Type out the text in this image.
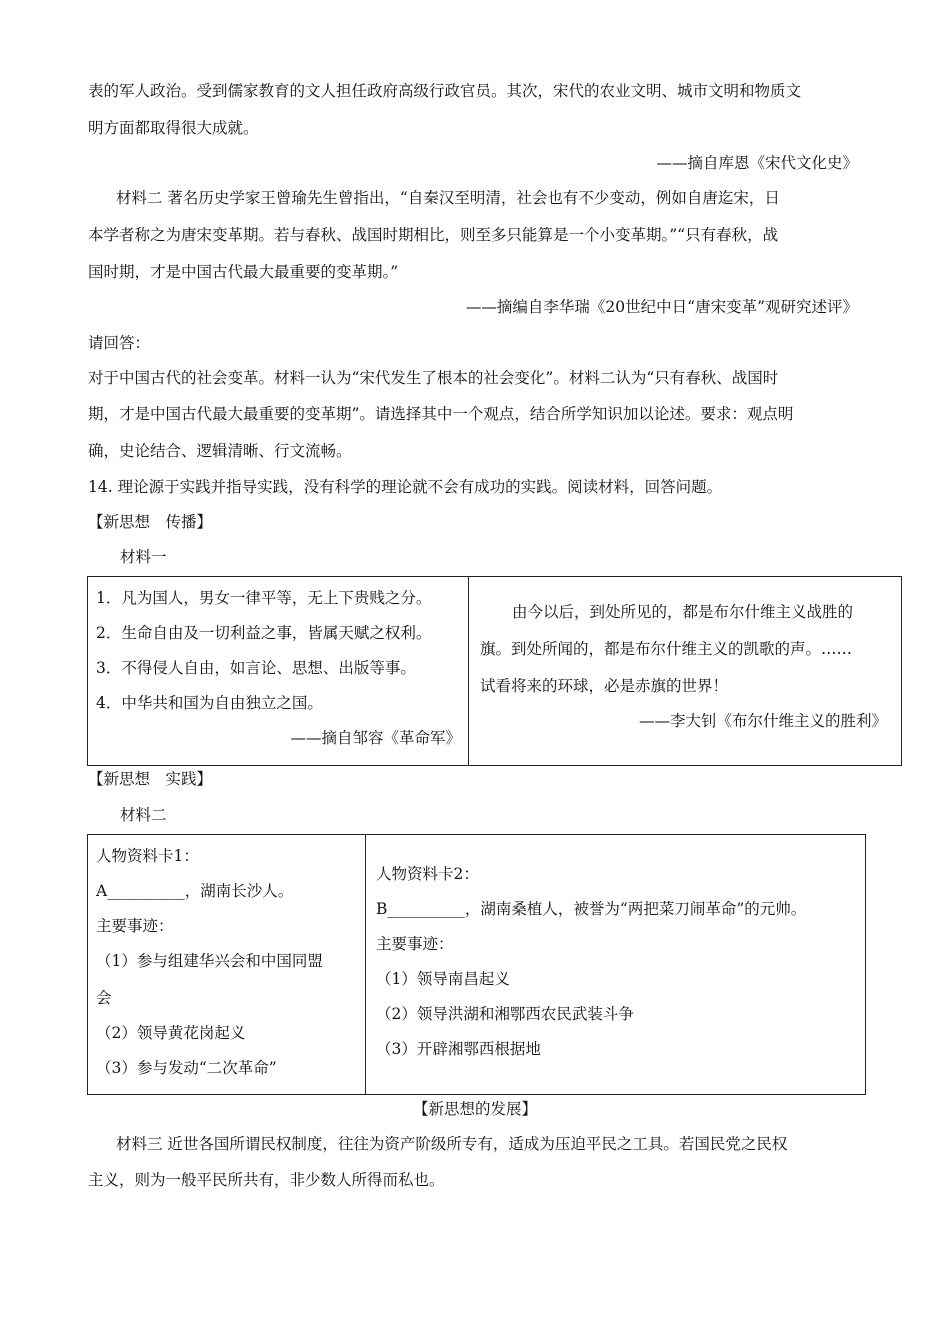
表的军人政治。受到儒家教育的文人担任政府高级行政官员。其次，宋代的农业文明、城市文明和物质文
明方面都取得很大成就。
——摘自库恩《宋代文化史》
材料二 著名历史学家王曾瑜先生曾指出，“自秦汉至明清，社会也有不少变动，例如自唐迄宋，日
本学者称之为唐宋变革期。若与春秋、战国时期相比，则至多只能算是一个小变革期。”“只有春秋，战
国时期，才是中国古代最大最重要的变革期。”
——摘编自李华瑞《20世纪中日“唐宋变革”观研究述评》
请回答：
对于中国古代的社会变革。材料一认为“宋代发生了根本的社会变化”。材料二认为“只有春秋、战国时
期，才是中国古代最大最重要的变革期”。请选择其中一个观点，结合所学知识加以论述。要求：观点明
确，史论结合、逻辑清晰、行文流畅。
14. 理论源于实践并指导实践，没有科学的理论就不会有成功的实践。阅读材料，回答问题。
【新思想　传播】
材料一
1．凡为国人，男女一律平等，无上下贵贱之分。
2．生命自由及一切利益之事，皆属天赋之权利。
3．不得侵人自由，如言论、思想、出版等事。
4．中华共和国为自由独立之国。
——摘自邹容《革命军》
由今以后，到处所见的，都是布尔什维主义战胜的
旗。到处所闻的，都是布尔什维主义的凯歌的声。……
试看将来的环球，必是赤旗的世界！
——李大钊《布尔什维主义的胜利》
【新思想　实践】
材料二
人物资料卡1：
A__________，湖南长沙人。
主要事迹：
（1）参与组建华兴会和中国同盟
会
（2）领导黄花岗起义
（3）参与发动“二次革命”
人物资料卡2：
B__________，湖南桑植人，被誉为“两把菜刀闹革命”的元帅。
主要事迹：
（1）领导南昌起义
（2）领导洪湖和湘鄂西农民武装斗争
（3）开辟湘鄂西根据地
【新思想的发展】
材料三 近世各国所谓民权制度，往往为资产阶级所专有，适成为压迫平民之工具。若国民党之民权
主义，则为一般平民所共有，非少数人所得而私也。
